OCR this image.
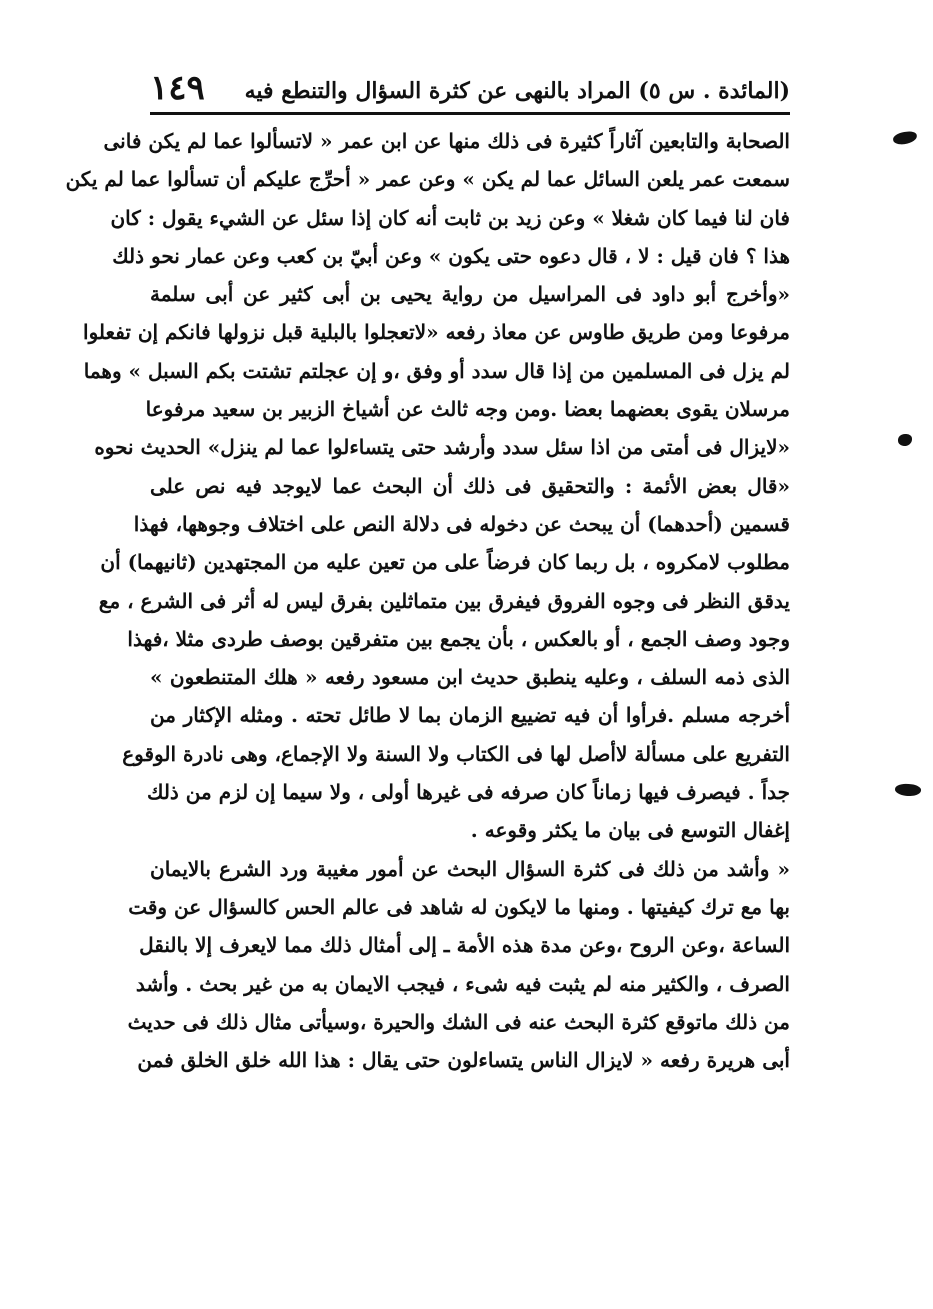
(المائدة . س ٥) المراد بالنهى عن كثرة السؤال والتنطع فيه
١٤٩
الصحابة والتابعين آثاراً كثيرة فى ذلك منها عن ابن عمر « لاتسألوا عما لم يكن فانى
سمعت عمر يلعن السائل عما لم يكن » وعن عمر « أحرِّج عليكم أن تسألوا عما لم يكن
فان لنا فيما كان شغلا » وعن زيد بن ثابت أنه كان إذا سئل عن الشيء يقول : كان
هذا ؟ فان قيل : لا ، قال دعوه حتى يكون » وعن أبيّ بن كعب وعن عمار نحو ذلك
«وأخرج أبو داود فى المراسيل من رواية يحيى بن أبى كثير عن أبى سلمة
مرفوعا ومن طريق طاوس عن معاذ رفعه «لاتعجلوا بالبلية قبل نزولها فانكم إن تفعلوا
لم يزل فى المسلمين من إذا قال سدد أو وفق ،و إن عجلتم تشتت بكم السبل » وهما
مرسلان يقوى بعضهما بعضا .ومن وجه ثالث عن أشياخ الزبير بن سعيد مرفوعا
«لايزال فى أمتى من اذا سئل سدد وأرشد حتى يتساءلوا عما لم ينزل» الحديث نحوه
«قال بعض الأئمة : والتحقيق فى ذلك أن البحث عما لايوجد فيه نص على
قسمين (أحدهما) أن يبحث عن دخوله فى دلالة النص على اختلاف وجوهها، فهذا
مطلوب لامكروه ، بل ربما كان فرضاً على من تعين عليه من المجتهدين (ثانيهما) أن
يدقق النظر فى وجوه الفروق فيفرق بين متماثلين بفرق ليس له أثر فى الشرع ، مع
وجود وصف الجمع ، أو بالعكس ، بأن يجمع بين متفرقين بوصف طردى مثلا ،فهذا
الذى ذمه السلف ، وعليه ينطبق حديث ابن مسعود رفعه « هلك المتنطعون »
أخرجه مسلم .فرأوا أن فيه تضييع الزمان بما لا طائل تحته . ومثله الإكثار من
التفريع على مسألة لاأصل لها فى الكتاب ولا السنة ولا الإجماع، وهى نادرة الوقوع
جداً . فيصرف فيها زماناً كان صرفه فى غيرها أولى ، ولا سيما إن لزم من ذلك
إغفال التوسع فى بيان ما يكثر وقوعه .
« وأشد من ذلك فى كثرة السؤال البحث عن أمور مغيبة ورد الشرع بالايمان
بها مع ترك كيفيتها . ومنها ما لايكون له شاهد فى عالم الحس كالسؤال عن وقت
الساعة ،وعن الروح ،وعن مدة هذه الأمة ـ إلى أمثال ذلك مما لايعرف إلا بالنقل
الصرف ، والكثير منه لم يثبت فيه شىء ، فيجب الايمان به من غير بحث . وأشد
من ذلك ماتوقع كثرة البحث عنه فى الشك والحيرة ،وسيأتى مثال ذلك فى حديث
أبى هريرة رفعه « لايزال الناس يتساءلون حتى يقال : هذا الله خلق الخلق فمن
